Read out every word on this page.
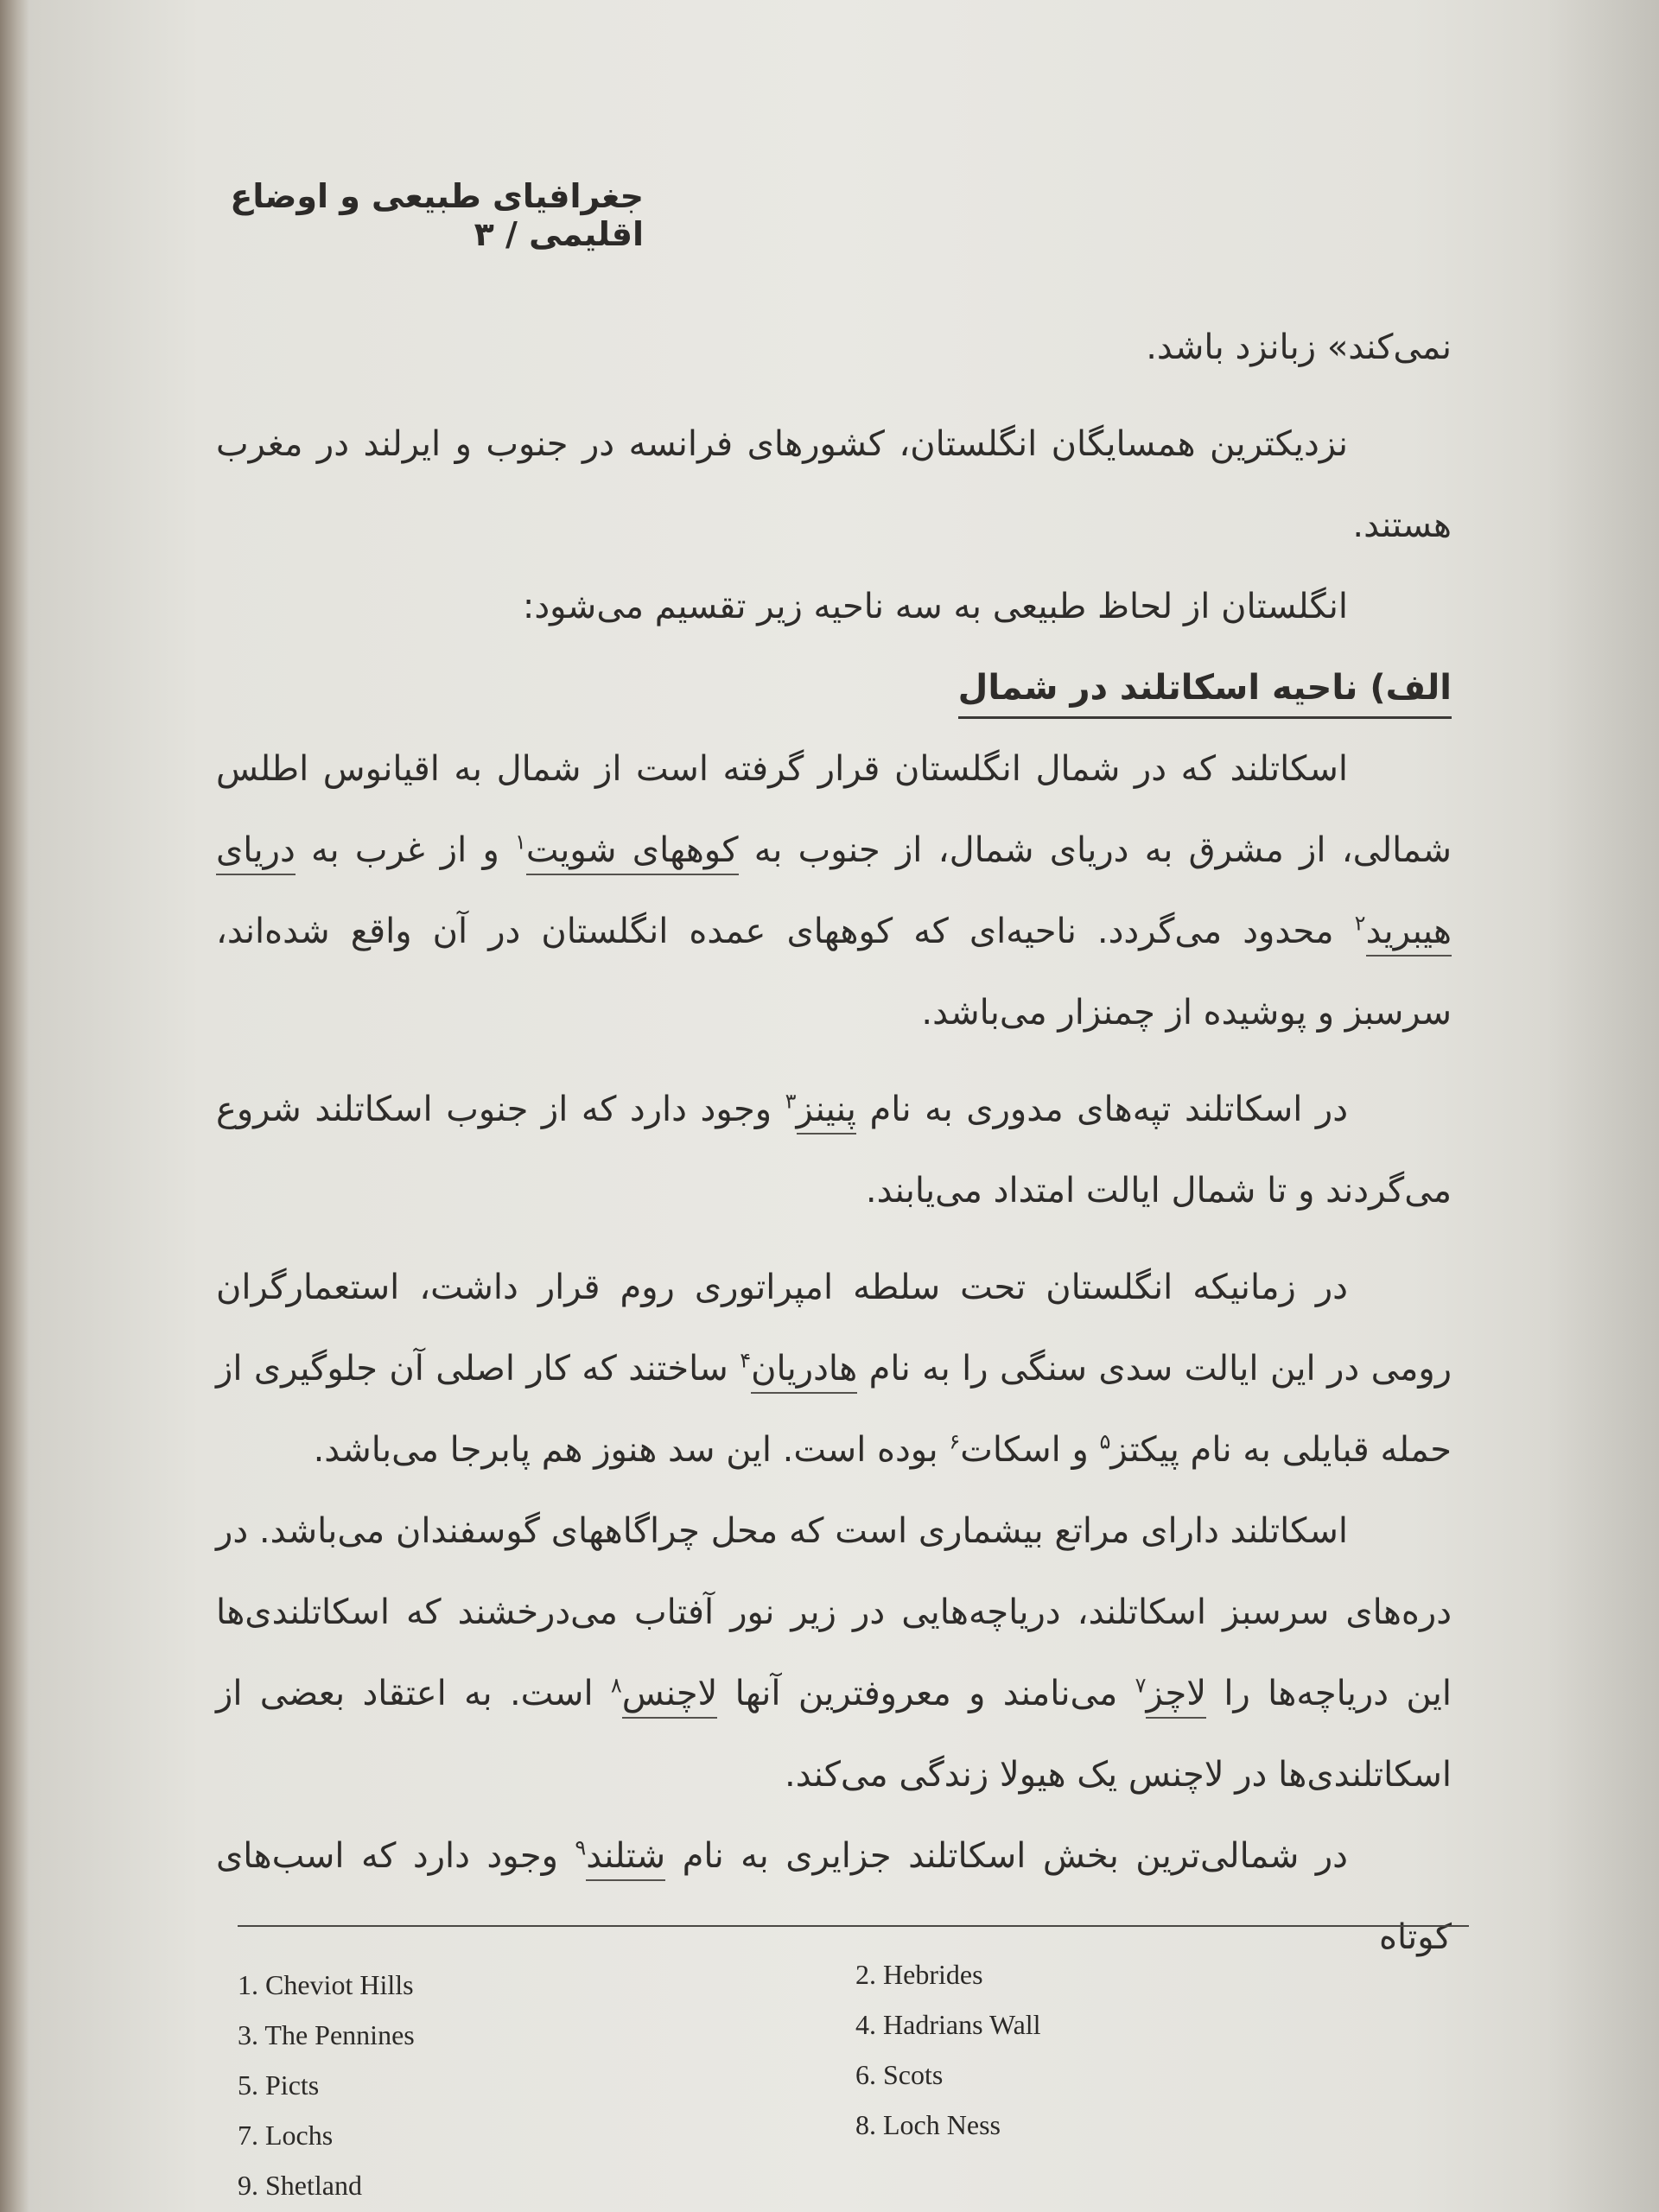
جغرافیای طبیعی و اوضاع اقلیمی / ۳

نمی‌کند» زبانزد باشد.

نزدیکترین همسایگان انگلستان، کشورهای فرانسه در جنوب و ایرلند در مغرب هستند.

انگلستان از لحاظ طبیعی به سه ناحیه زیر تقسیم می‌شود:

الف) ناحیه اسکاتلند در شمال

اسکاتلند که در شمال انگلستان قرار گرفته است از شمال به اقیانوس اطلس شمالی، از مشرق به دریای شمال، از جنوب به کوههای شویت$^۱$ و از غرب به دریای هیبرید$^۲$ محدود می‌گردد. ناحیه‌ای که کوههای عمده انگلستان در آن واقع شده‌اند، سرسبز و پوشیده از چمنزار می‌باشد.

در اسکاتلند تپه‌های مدوری به نام پنینز$^۳$ وجود دارد که از جنوب اسکاتلند شروع می‌گردند و تا شمال ایالت امتداد می‌یابند.

در زمانیکه انگلستان تحت سلطه امپراتوری روم قرار داشت، استعمارگران رومی در این ایالت سدی سنگی را به نام هادریان$^۴$ ساختند که کار اصلی آن جلوگیری از حمله قبایلی به نام پیکتز$^۵$ و اسکات$^۶$ بوده است. این سد هنوز هم پابرجا می‌باشد.

اسکاتلند دارای مراتع بیشماری است که محل چراگاههای گوسفندان می‌باشد. در دره‌های سرسبز اسکاتلند، دریاچه‌هایی در زیر نور آفتاب می‌درخشند که اسکاتلندی‌ها این دریاچه‌ها را لاچز$^۷$ می‌نامند و معروفترین آنها لاچنس$^۸$ است. به اعتقاد بعضی از اسکاتلندی‌ها در لاچنس یک هیولا زندگی می‌کند.

در شمالی‌ترین بخش اسکاتلند جزایری به نام شتلند$^۹$ وجود دارد که اسب‌های کوتاه

1. Cheviot Hills
3. The Pennines
5. Picts
7. Lochs
9. Shetland
2. Hebrides
4. Hadrians Wall
6. Scots
8. Loch Ness
